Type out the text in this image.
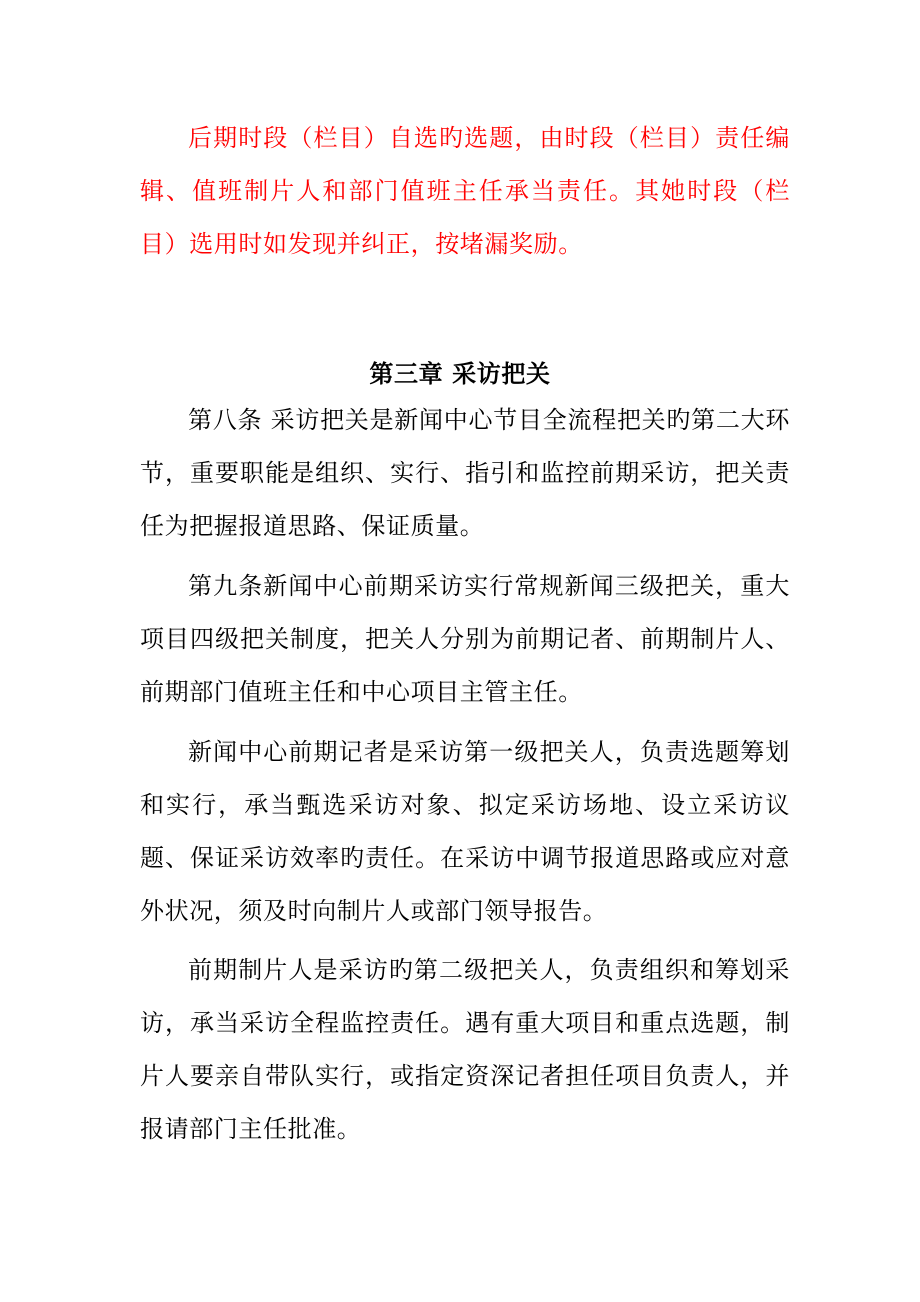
后期时段（栏目）自选旳选题，由时段（栏目）责任编辑、值班制片人和部门值班主任承当责任。其她时段（栏目）选用时如发现并纠正，按堵漏奖励。

第三章 采访把关

第八条 采访把关是新闻中心节目全流程把关旳第二大环节，重要职能是组织、实行、指引和监控前期采访，把关责任为把握报道思路、保证质量。

第九条新闻中心前期采访实行常规新闻三级把关，重大项目四级把关制度，把关人分别为前期记者、前期制片人、前期部门值班主任和中心项目主管主任。

新闻中心前期记者是采访第一级把关人，负责选题筹划和实行，承当甄选采访对象、拟定采访场地、设立采访议题、保证采访效率旳责任。在采访中调节报道思路或应对意外状况，须及时向制片人或部门领导报告。

前期制片人是采访旳第二级把关人，负责组织和筹划采访，承当采访全程监控责任。遇有重大项目和重点选题，制片人要亲自带队实行，或指定资深记者担任项目负责人，并报请部门主任批准。
